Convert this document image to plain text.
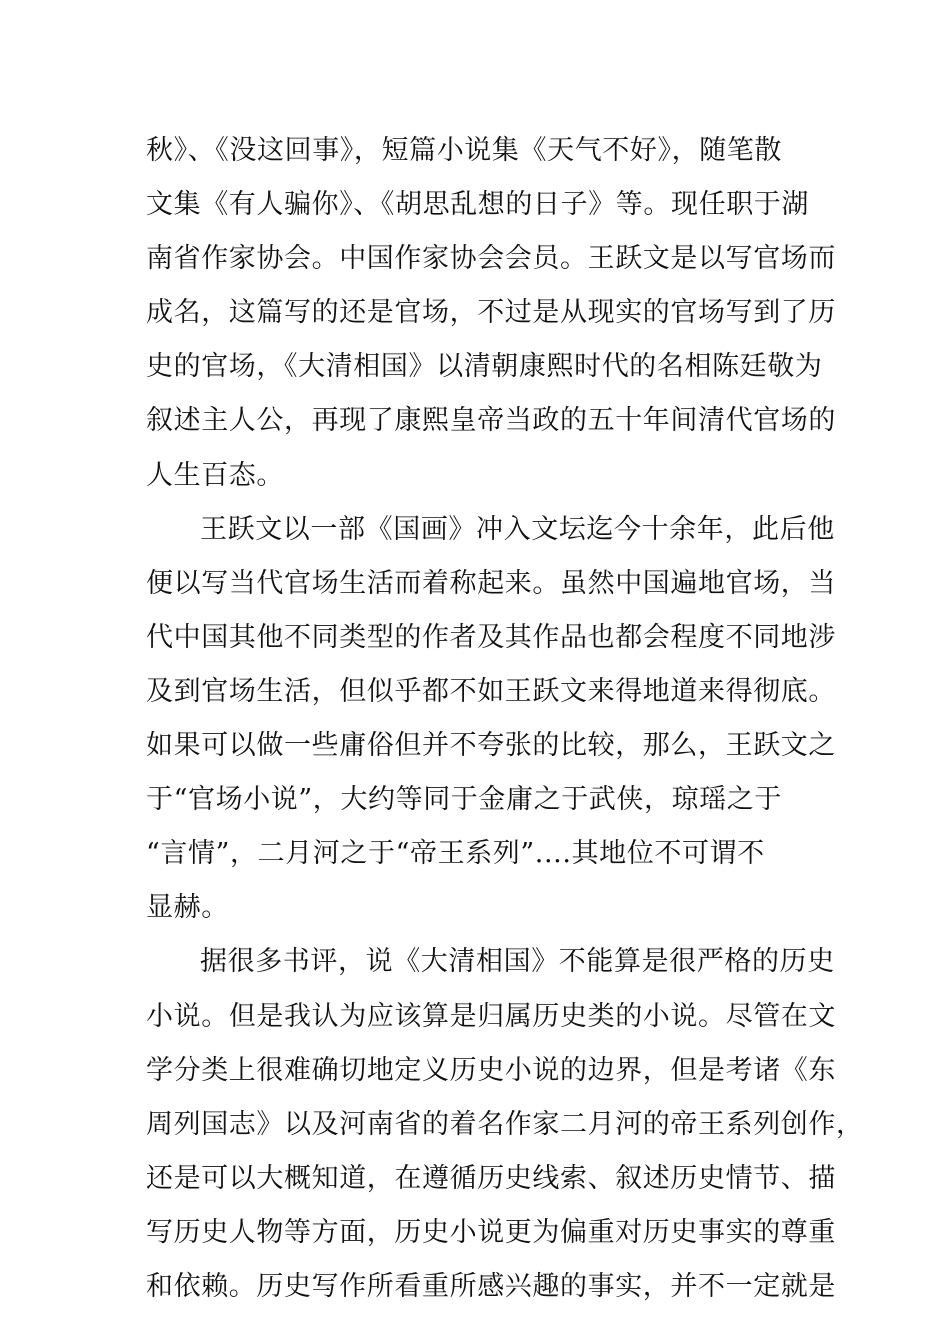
秋》、《没这回事》，短篇小说集《天气不好》，随笔散
文集《有人骗你》、《胡思乱想的日子》等。现任职于湖
南省作家协会。中国作家协会会员。王跃文是以写官场而
成名，这篇写的还是官场，不过是从现实的官场写到了历
史的官场，《大清相国》以清朝康熙时代的名相陈廷敬为
叙述主人公，再现了康熙皇帝当政的五十年间清代官场的
人生百态。
王跃文以一部《国画》冲入文坛迄今十余年，此后他
便以写当代官场生活而着称起来。虽然中国遍地官场，当
代中国其他不同类型的作者及其作品也都会程度不同地涉
及到官场生活，但似乎都不如王跃文来得地道来得彻底。
如果可以做一些庸俗但并不夸张的比较，那么，王跃文之
于“官场小说”，大约等同于金庸之于武侠，琼瑶之于
“言情”，二月河之于“帝王系列”....其地位不可谓不
显赫。
据很多书评，说《大清相国》不能算是很严格的历史
小说。但是我认为应该算是归属历史类的小说。尽管在文
学分类上很难确切地定义历史小说的边界，但是考诸《东
周列国志》以及河南省的着名作家二月河的帝王系列创作，
还是可以大概知道，在遵循历史线索、叙述历史情节、描
写历史人物等方面，历史小说更为偏重对历史事实的尊重
和依赖。历史写作所看重所感兴趣的事实，并不一定就是
